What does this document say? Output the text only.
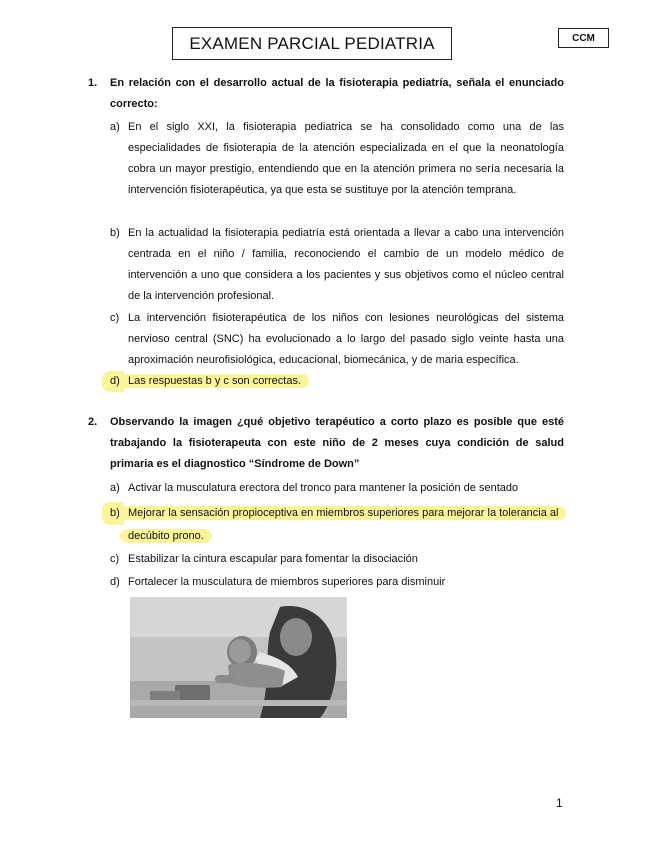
EXAMEN PARCIAL PEDIATRIA	CCM
1. En relación con el desarrollo actual de la fisioterapia pediatría, señala el enunciado correcto:
a) En el siglo XXI, la fisioterapia pediatrica se ha consolidado como una de las especialidades de fisioterapia de la atención especializada en el que la neonatología cobra un mayor prestigio, entendiendo que en la atención primera no sería necesaria la intervención fisioterapéutica, ya que esta se sustituye por la atención temprana.
b) En la actualidad la fisioterapia pediatría está orientada a llevar a cabo una intervención centrada en el niño / familia, reconociendo el cambio de un modelo médico de intervención a uno que considera a los pacientes y sus objetivos como el núcleo central de la intervención profesional.
c) La intervención fisioterapéutica de los niños con lesiones neurológicas del sistema nervioso central (SNC) ha evolucionado a lo largo del pasado siglo veinte hasta una aproximación neurofisiológica, educacional, biomecánica, y de maria específica.
d) Las respuestas b y c son correctas.
2. Observando la imagen ¿qué objetivo terapéutico a corto plazo es posible que esté trabajando la fisioterapeuta con este niño de 2 meses cuya condición de salud primaria es el diagnostico “Síndrome de Down”
a) Activar la musculatura erectora del tronco para mantener la posición de sentado
b) Mejorar la sensación propioceptiva en miembros superiores para mejorar la tolerancia al decúbito prono.
c) Estabilizar la cintura escapular para fomentar la disociación
d) Fortalecer la musculatura de miembros superiores para disminuir
1
